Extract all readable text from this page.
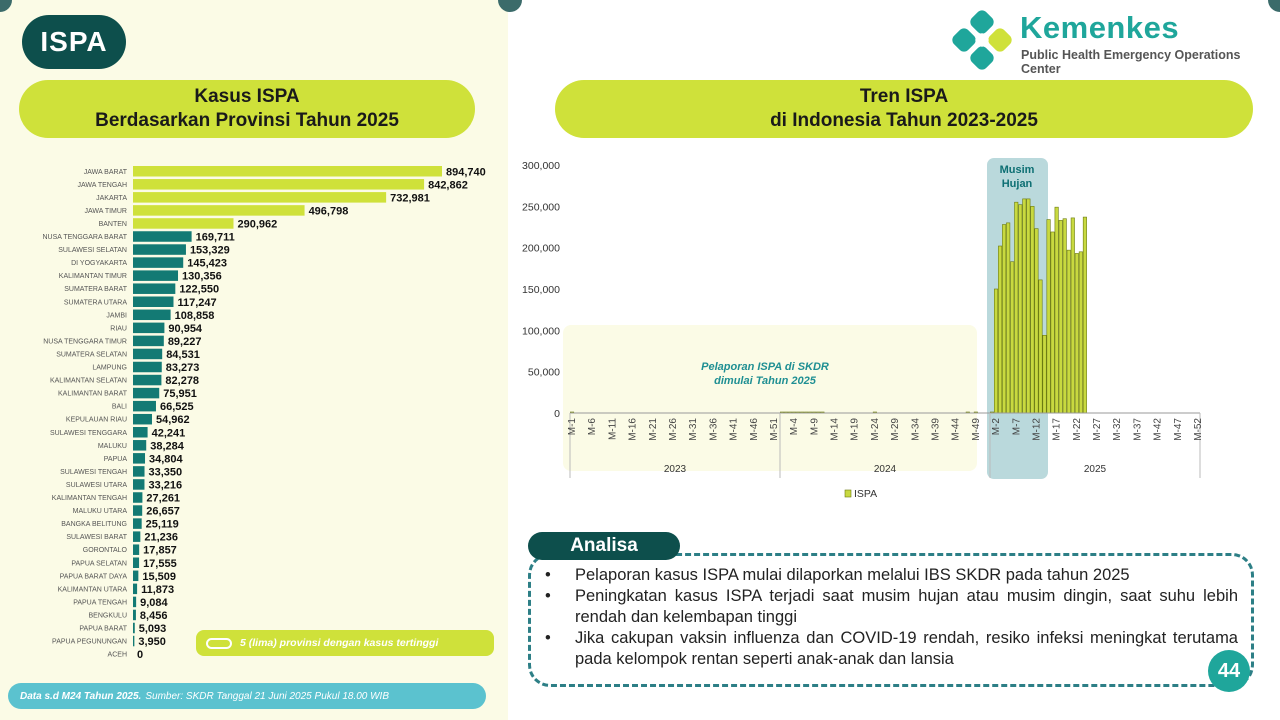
ISPA
Kasus ISPA
Berdasarkan Provinsi Tahun 2025
Tren ISPA
di Indonesia Tahun 2023-2025
Kemenkes
Public Health Emergency Operations Center
JAWA BARAT	894,740
JAWA TENGAH	842,862
JAKARTA	732,981
JAWA TIMUR	496,798
BANTEN	290,962
NUSA TENGGARA BARAT	169,711
SULAWESI SELATAN	153,329
DI YOGYAKARTA	145,423
KALIMANTAN TIMUR	130,356
SUMATERA BARAT	122,550
SUMATERA UTARA	117,247
JAMBI	108,858
RIAU	90,954
NUSA TENGGARA TIMUR	89,227
SUMATERA SELATAN	84,531
LAMPUNG	83,273
KALIMANTAN SELATAN	82,278
KALIMANTAN BARAT	75,951
BALI	66,525
KEPULAUAN RIAU	54,962
SULAWESI TENGGARA 42,241
MALUKU 38,284
PAPUA 34,804
SULAWESI TENGAH 33,350
SULAWESI UTARA 33,216
KALIMANTAN TENGAH 27,261
MALUKU UTARA 26,657
BANGKA BELITUNG 25,119
SULAWESI BARAT 21,236
GORONTALO 17,857
PAPUA SELATAN 17,555
PAPUA BARAT DAYA 15,509
KALIMANTAN UTARA 11,873
PAPUA TENGAH 9,084
BENGKULU 8,456
PAPUA BARAT 5,093
PAPUA PEGUNUNGAN 3,950
ACEH 0
5 (lima) provinsi dengan kasus tertinggi
Data s.d M24 Tahun 2025. Sumber: SKDR Tanggal 21 Juni 2025 Pukul 18.00 WIB
Musim
Hujan
0
50,000
100,000
150,000
200,000
250,000
300,000
Pelaporan ISPA di SKDR
dimulai Tahun 2025
M-1 M-6 M-11 M-16 M-21 M-26 M-31 M-36 M-41 M-46 M-51 M-4 M-9 M-14 M-19 M-24 M-29 M-34 M-39 M-44 M-49 M-2 M-7 M-12 M-17 M-22 M-27 M-32 M-37 M-42 M-47 M-52
2023	2024	2025
ISPA
Analisa
• Pelaporan kasus ISPA mulai dilaporkan melalui IBS SKDR pada tahun 2025
• Peningkatan kasus ISPA terjadi saat musim hujan atau musim dingin, saat suhu lebih rendah dan kelembapan tinggi
• Jika cakupan vaksin influenza dan COVID-19 rendah, resiko infeksi meningkat terutama pada kelompok rentan seperti anak-anak dan lansia
44
